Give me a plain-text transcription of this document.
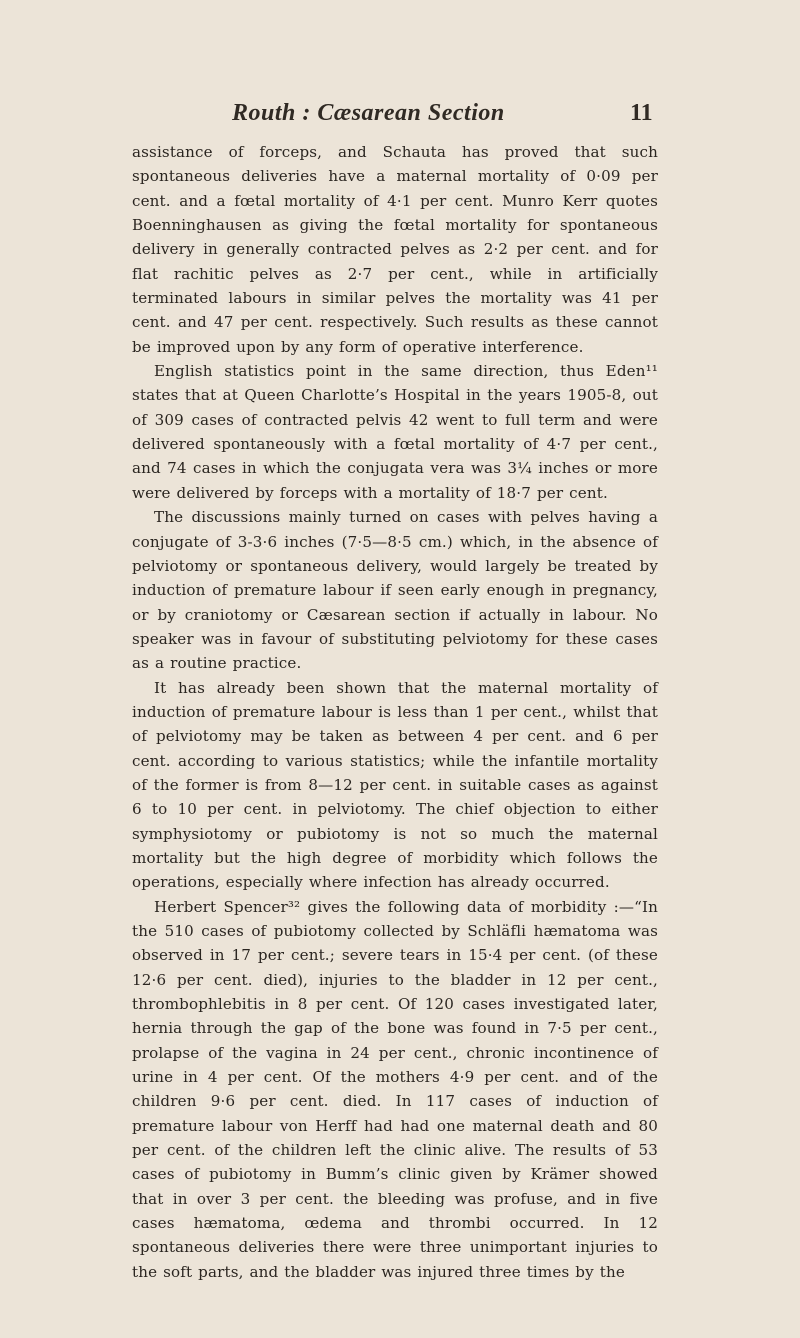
Routh : Cæsarean Section	11

assistance of forceps, and Schauta has proved that such spontaneous deliveries have a maternal mortality of 0·09 per cent. and a fœtal mortality of 4·1 per cent. Munro Kerr quotes Boenninghausen as giving the fœtal mortality for spontaneous delivery in generally contracted pelves as 2·2 per cent. and for flat rachitic pelves as 2·7 per cent., while in artificially terminated labours in similar pelves the mortality was 41 per cent. and 47 per cent. respectively. Such results as these cannot be improved upon by any form of operative interference.

English statistics point in the same direction, thus Eden¹¹ states that at Queen Charlotte’s Hospital in the years 1905-8, out of 309 cases of contracted pelvis 42 went to full term and were delivered spontaneously with a fœtal mortality of 4·7 per cent., and 74 cases in which the conjugata vera was 3¼ inches or more were delivered by forceps with a mortality of 18·7 per cent.

The discussions mainly turned on cases with pelves having a conjugate of 3-3·6 inches (7·5—8·5 cm.) which, in the absence of pelviotomy or spontaneous delivery, would largely be treated by induction of premature labour if seen early enough in pregnancy, or by craniotomy or Cæsarean section if actually in labour. No speaker was in favour of substituting pelviotomy for these cases as a routine practice.

It has already been shown that the maternal mortality of induction of premature labour is less than 1 per cent., whilst that of pelviotomy may be taken as between 4 per cent. and 6 per cent. according to various statistics; while the infantile mortality of the former is from 8—12 per cent. in suitable cases as against 6 to 10 per cent. in pelviotomy. The chief objection to either symphysiotomy or pubiotomy is not so much the maternal mortality but the high degree of morbidity which follows the operations, especially where infection has already occurred.

Herbert Spencer³² gives the following data of morbidity :—“In the 510 cases of pubiotomy collected by Schläfli hæmatoma was observed in 17 per cent.; severe tears in 15·4 per cent. (of these 12·6 per cent. died), injuries to the bladder in 12 per cent., thrombophlebitis in 8 per cent. Of 120 cases investigated later, hernia through the gap of the bone was found in 7·5 per cent., prolapse of the vagina in 24 per cent., chronic incontinence of urine in 4 per cent. Of the mothers 4·9 per cent. and of the children 9·6 per cent. died. In 117 cases of induction of premature labour von Herff had had one maternal death and 80 per cent. of the children left the clinic alive. The results of 53 cases of pubiotomy in Bumm’s clinic given by Krämer showed that in over 3 per cent. the bleeding was profuse, and in five cases hæmatoma, œdema and thrombi occurred. In 12 spontaneous deliveries there were three unimportant injuries to the soft parts, and the bladder was injured three times by the
